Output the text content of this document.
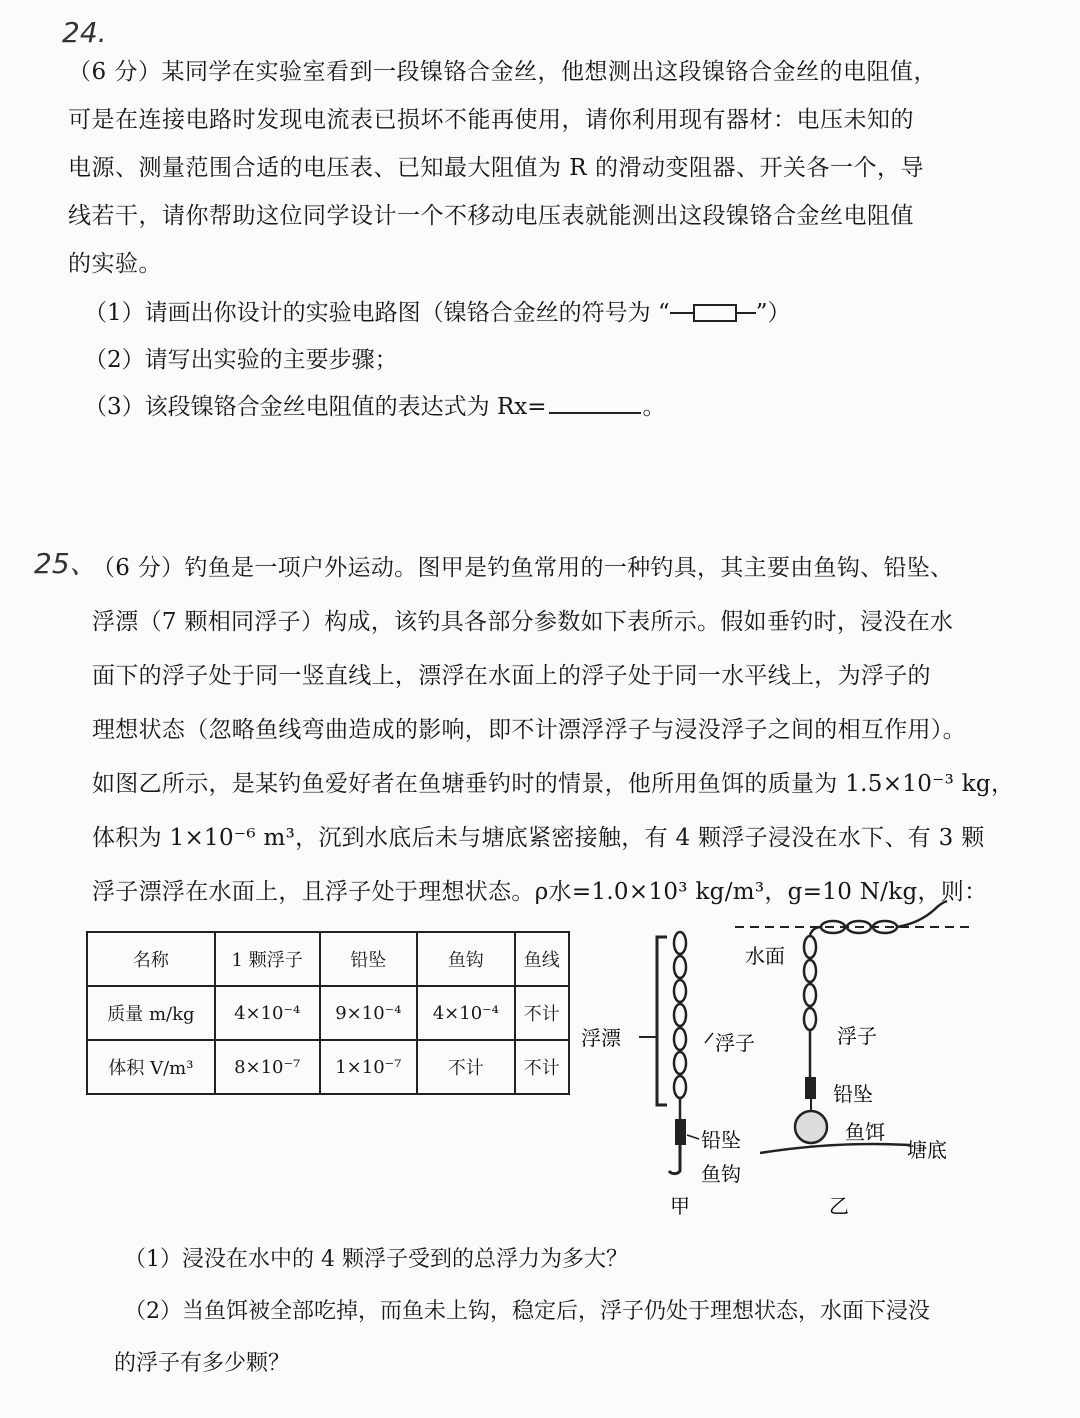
24.

（6 分）某同学在实验室看到一段镍铬合金丝，他想测出这段镍铬合金丝的电阻值，

可是在连接电路时发现电流表已损坏不能再使用，请你利用现有器材：电压未知的

电源、测量范围合适的电压表、已知最大阻值为 R 的滑动变阻器、开关各一个，导

线若干，请你帮助这位同学设计一个不移动电压表就能测出这段镍铬合金丝电阻值

的实验。

（1）请画出你设计的实验电路图（镍铬合金丝的符号为 “	”）
（2）请写出实验的主要步骤；
（3）该段镍铬合金丝电阻值的表达式为 Rx=	。
25、

（6 分）钓鱼是一项户外运动。图甲是钓鱼常用的一种钓具，其主要由鱼钩、铅坠、

浮漂（7 颗相同浮子）构成，该钓具各部分参数如下表所示。假如垂钓时，浸没在水

面下的浮子处于同一竖直线上，漂浮在水面上的浮子处于同一水平线上，为浮子的

理想状态（忽略鱼线弯曲造成的影响，即不计漂浮浮子与浸没浮子之间的相互作用）。

如图乙所示，是某钓鱼爱好者在鱼塘垂钓时的情景，他所用鱼饵的质量为 1.5×10⁻³ kg，

体积为 1×10⁻⁶ m³，沉到水底后未与塘底紧密接触，有 4 颗浮子浸没在水下、有 3 颗

浮子漂浮在水面上，且浮子处于理想状态。ρ水=1.0×10³ kg/m³，g=10 N/kg，则：

名称	1 颗浮子	铅坠	鱼钩	鱼线
质量 m/kg	4×10⁻⁴	9×10⁻⁴	4×10⁻⁴	不计
体积 V/m³	8×10⁻⁷	1×10⁻⁷	不计	不计
浮漂	浮子
铅坠
鱼钩
甲
水面
浮子
铅坠
鱼饵
塘底
乙
（1）浸没在水中的 4 颗浮子受到的总浮力为多大？
（2）当鱼饵被全部吃掉，而鱼未上钩，稳定后，浮子仍处于理想状态，水面下浸没
的浮子有多少颗？
